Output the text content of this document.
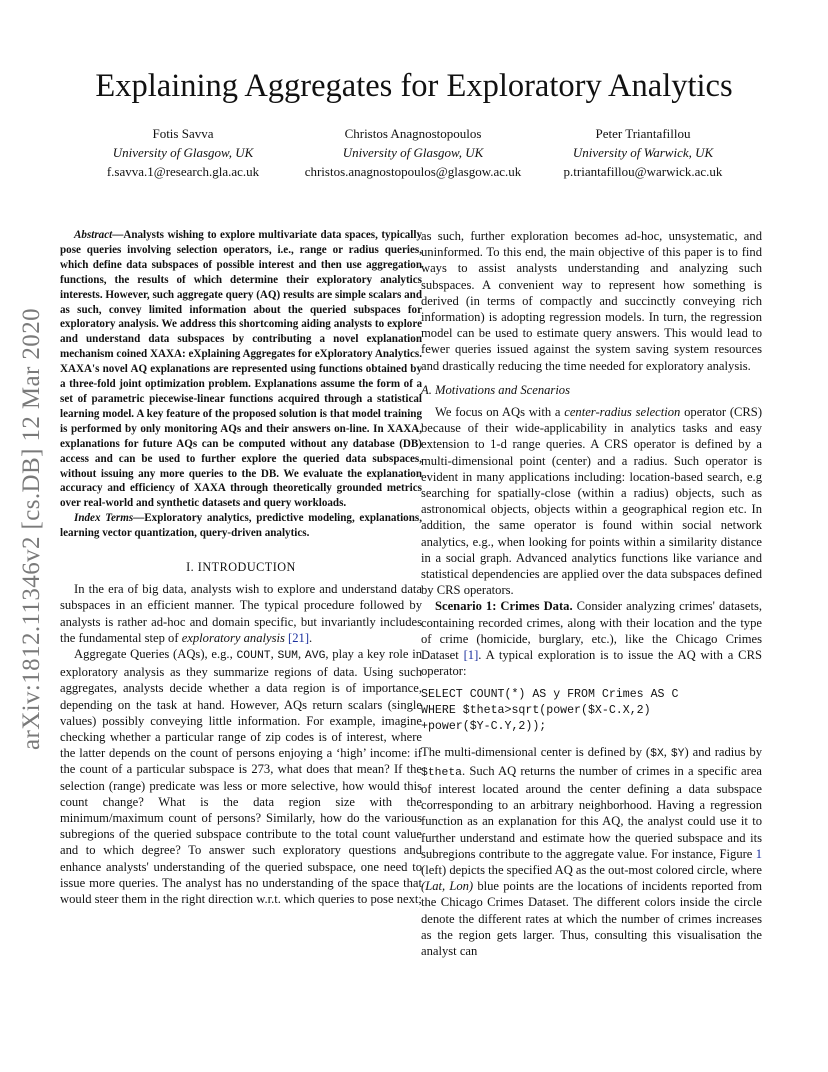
arXiv:1812.11346v2 [cs.DB] 12 Mar 2020
Explaining Aggregates for Exploratory Analytics
Fotis Savva
University of Glasgow, UK
f.savva.1@research.gla.ac.uk
Christos Anagnostopoulos
University of Glasgow, UK
christos.anagnostopoulos@glasgow.ac.uk
Peter Triantafillou
University of Warwick, UK
p.triantafillou@warwick.ac.uk

Abstract—Analysts wishing to explore multivariate data spaces, typically pose queries involving selection operators, i.e., range or radius queries, which define data subspaces of possible interest and then use aggregation functions, the results of which determine their exploratory analytics interests. However, such aggregate query (AQ) results are simple scalars and as such, convey limited information about the queried subspaces for exploratory analysis. We address this shortcoming aiding analysts to explore and understand data subspaces by contributing a novel explanation mechanism coined XAXA: eXplaining Aggregates for eXploratory Analytics. XAXA's novel AQ explanations are represented using functions obtained by a three-fold joint optimization problem. Explanations assume the form of a set of parametric piecewise-linear functions acquired through a statistical learning model. A key feature of the proposed solution is that model training is performed by only monitoring AQs and their answers on-line. In XAXA, explanations for future AQs can be computed without any database (DB) access and can be used to further explore the queried data subspaces, without issuing any more queries to the DB. We evaluate the explanation accuracy and efficiency of XAXA through theoretically grounded metrics over real-world and synthetic datasets and query workloads.

Index Terms—Exploratory analytics, predictive modeling, explanations, learning vector quantization, query-driven analytics.

I. INTRODUCTION

In the era of big data, analysts wish to explore and understand data subspaces in an efficient manner. The typical procedure followed by analysts is rather ad-hoc and domain specific, but invariantly includes the fundamental step of exploratory analysis [21].

Aggregate Queries (AQs), e.g., COUNT, SUM, AVG, play a key role in exploratory analysis as they summarize regions of data. Using such aggregates, analysts decide whether a data region is of importance, depending on the task at hand. However, AQs return scalars (single values) possibly conveying little information. For example, imagine checking whether a particular range of zip codes is of interest, where the latter depends on the count of persons enjoying a ‘high’ income: if the count of a particular subspace is 273, what does that mean? If the selection (range) predicate was less or more selective, how would this count change? What is the data region size with the minimum/maximum count of persons? Similarly, how do the various subregions of the queried subspace contribute to the total count value and to which degree? To answer such exploratory questions and enhance analysts' understanding of the queried subspace, one need to issue more queries. The analyst has no understanding of the space that would steer them in the right direction w.r.t. which queries to pose next;

as such, further exploration becomes ad-hoc, unsystematic, and uninformed. To this end, the main objective of this paper is to find ways to assist analysts understanding and analyzing such subspaces. A convenient way to represent how something is derived (in terms of compactly and succinctly conveying rich information) is adopting regression models. In turn, the regression model can be used to estimate query answers. This would lead to fewer queries issued against the system saving system resources and drastically reducing the time needed for exploratory analysis.

A. Motivations and Scenarios

We focus on AQs with a center-radius selection operator (CRS) because of their wide-applicability in analytics tasks and easy extension to 1-d range queries. A CRS operator is defined by a multi-dimensional point (center) and a radius. Such operator is evident in many applications including: location-based search, e.g searching for spatially-close (within a radius) objects, such as astronomical objects, objects within a geographical region etc. In addition, the same operator is found within social network analytics, e.g., when looking for points within a similarity distance in a social graph. Advanced analytics functions like variance and statistical dependencies are applied over the data subspaces defined by CRS operators.

Scenario 1: Crimes Data. Consider analyzing crimes' datasets, containing recorded crimes, along with their location and the type of crime (homicide, burglary, etc.), like the Chicago Crimes Dataset [1]. A typical exploration is to issue the AQ with a CRS operator:

SELECT COUNT(*) AS y FROM Crimes AS C
WHERE $theta>sqrt(power($X-C.X,2)
+power($Y-C.Y,2));

The multi-dimensional center is defined by ($X, $Y) and radius by $theta. Such AQ returns the number of crimes in a specific area of interest located around the center defining a data subspace corresponding to an arbitrary neighborhood. Having a regression function as an explanation for this AQ, the analyst could use it to further understand and estimate how the queried subspace and its subregions contribute to the aggregate value. For instance, Figure 1 (left) depicts the specified AQ as the out-most colored circle, where (Lat, Lon) blue points are the locations of incidents reported from the Chicago Crimes Dataset. The different colors inside the circle denote the different rates at which the number of crimes increases as the region gets larger. Thus, consulting this visualisation the analyst can
